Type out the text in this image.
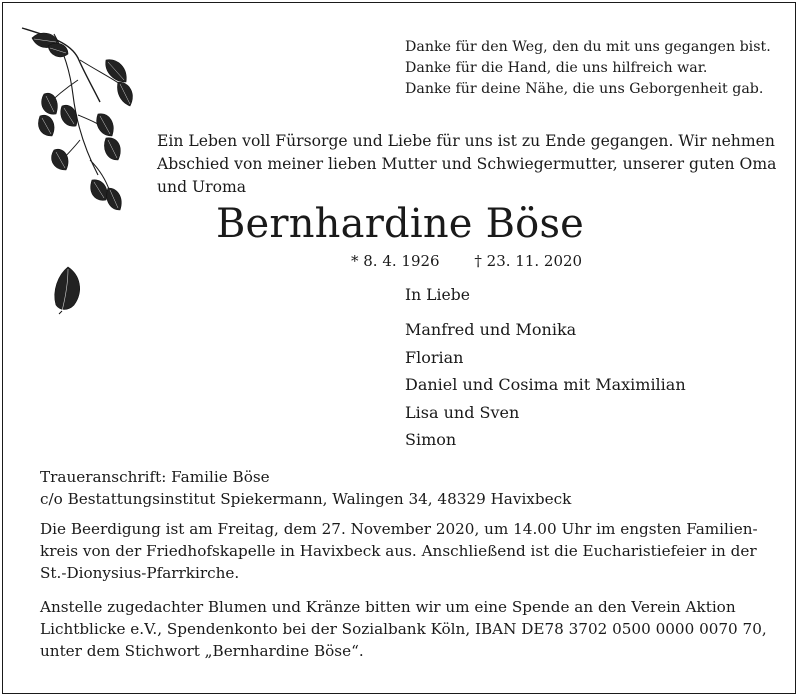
Danke für den Weg, den du mit uns gegangen bist.
Danke für die Hand, die uns hilfreich war.
Danke für deine Nähe, die uns Geborgenheit gab.
Ein Leben voll Fürsorge und Liebe für uns ist zu Ende gegangen. Wir nehmen
Abschied von meiner lieben Mutter und Schwiegermutter, unserer guten Oma
und Uroma
Bernhardine Böse
* 8. 4. 1926 † 23. 11. 2020
In Liebe
Manfred und Monika
Florian
Daniel und Cosima mit Maximilian
Lisa und Sven
Simon
Traueranschrift: Familie Böse
c/o Bestattungsinstitut Spiekermann, Walingen 34, 48329 Havixbeck
Die Beerdigung ist am Freitag, dem 27. November 2020, um 14.00 Uhr im engsten Familien-
kreis von der Friedhofskapelle in Havixbeck aus. Anschließend ist die Eucharistiefeier in der
St.-Dionysius-Pfarrkirche.
Anstelle zugedachter Blumen und Kränze bitten wir um eine Spende an den Verein Aktion
Lichtblicke e.V., Spendenkonto bei der Sozialbank Köln, IBAN DE78 3702 0500 0000 0070 70,
unter dem Stichwort „Bernhardine Böse“.
